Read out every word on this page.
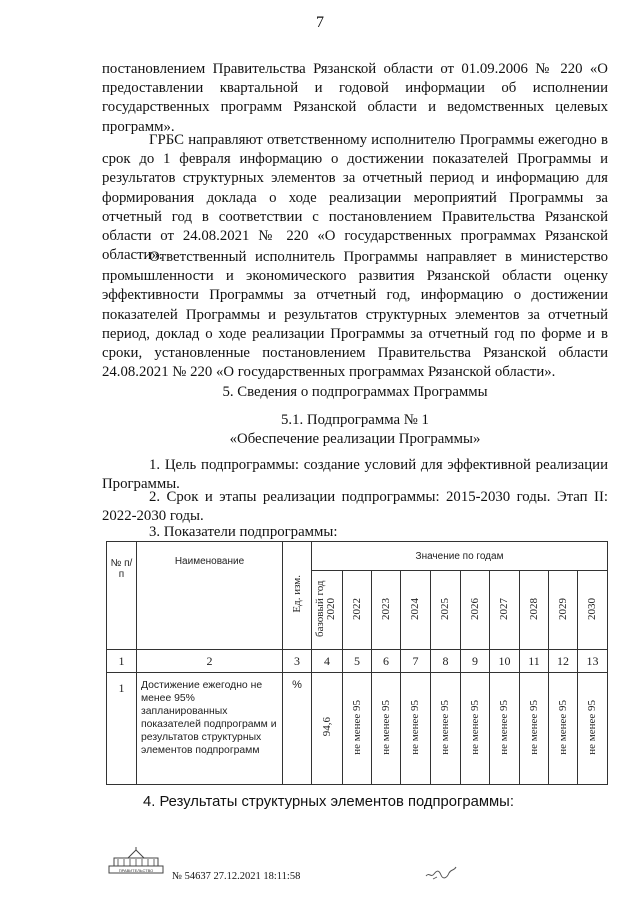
7

постановлением Правительства Рязанской области от 01.09.2006 № 220 «О предоставлении квартальной и годовой информации об исполнении государственных программ Рязанской области и ведомственных целевых программ».

ГРБС направляют ответственному исполнителю Программы ежегодно в срок до 1 февраля информацию о достижении показателей Программы и результатов структурных элементов за отчетный период и информацию для формирования доклада о ходе реализации мероприятий Программы за отчетный год в соответствии с постановлением Правительства Рязанской области от 24.08.2021 № 220 «О государственных программах Рязанской области».

Ответственный исполнитель Программы направляет в министерство промышленности и экономического развития Рязанской области оценку эффективности Программы за отчетный год, информацию о достижении показателей Программы и результатов структурных элементов за отчетный период, доклад о ходе реализации Программы за отчетный год по форме и в сроки, установленные постановлением Правительства Рязанской области 24.08.2021 № 220 «О государственных программах Рязанской области».

5. Сведения о подпрограммах Программы
5.1. Подпрограмма № 1
«Обеспечение реализации Программы»

1. Цель подпрограммы: создание условий для эффективной реализации Программы.

2. Срок и этапы реализации подпрограммы: 2015-2030 годы. Этап II: 2022-2030 годы.

3. Показатели подпрограммы:
№ п/п	Наименование	Ед. изм.	Значение по годам									
			базовый год 2020	2022	2023	2024	2025	2026	2027	2028	2029	2030
1	2	3	4	5	6	7	8	9	10	11	12	13
1	Достижение ежегодно не менее 95% запланированных показателей подпрограмм и результатов структурных элементов подпрограмм	%	94,6	не менее 95	не менее 95	не менее 95	не менее 95	не менее 95	не менее 95	не менее 95	не менее 95	не менее 95
4. Результаты структурных элементов подпрограммы:
ПРАВИТЕЛЬСТВО
№ 54637 27.12.2021 18:11:58
